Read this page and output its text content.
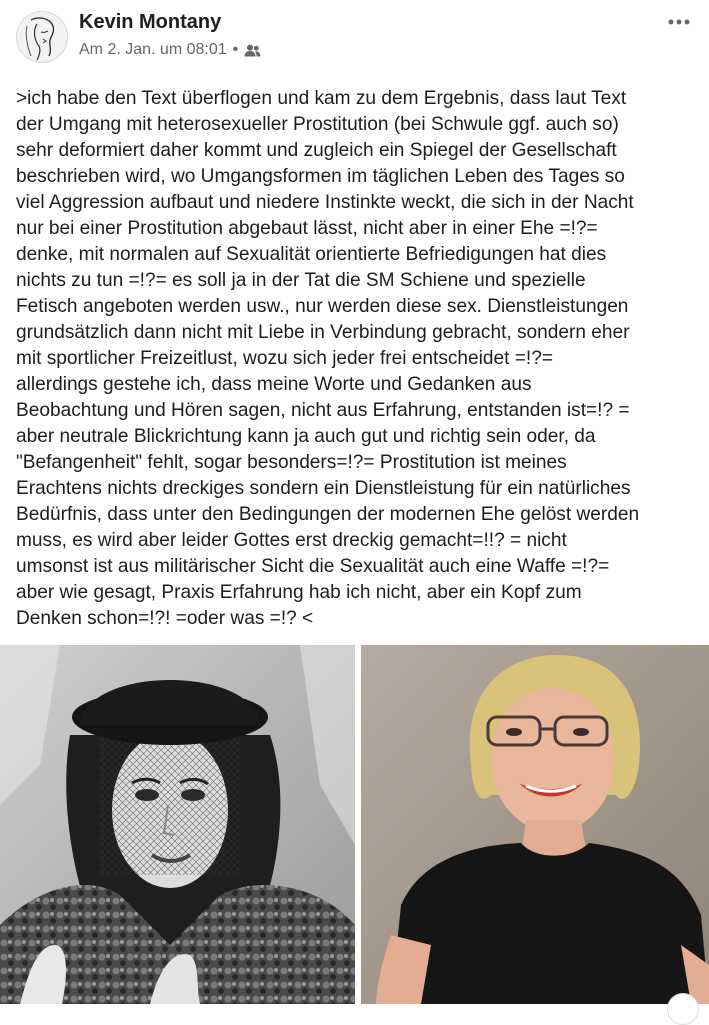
Kevin Montany
Am 2. Jan. um 08:01 •

>ich habe den Text überflogen und kam zu dem Ergebnis, dass laut Text
der Umgang mit heterosexueller Prostitution (bei Schwule ggf. auch so)
sehr deformiert daher kommt und zugleich ein Spiegel der Gesellschaft
beschrieben wird, wo Umgangsformen im täglichen Leben des Tages so
viel Aggression aufbaut und niedere Instinkte weckt, die sich in der Nacht
nur bei einer Prostitution abgebaut lässt, nicht aber in einer Ehe =!?=
denke, mit normalen auf Sexualität orientierte Befriedigungen hat dies
nichts zu tun =!?= es soll ja in der Tat die SM Schiene und spezielle
Fetisch angeboten werden usw., nur werden diese sex. Dienstleistungen
grundsätzlich dann nicht mit Liebe in Verbindung gebracht, sondern eher
mit sportlicher Freizeitlust, wozu sich jeder frei entscheidet =!?=
allerdings gestehe ich, dass meine Worte und Gedanken aus
Beobachtung und Hören sagen, nicht aus Erfahrung, entstanden ist=!? =
aber neutrale Blickrichtung kann ja auch gut und richtig sein oder, da
"Befangenheit" fehlt, sogar besonders=!?= Prostitution ist meines
Erachtens nichts dreckiges sondern ein Dienstleistung für ein natürliches
Bedürfnis, dass unter den Bedingungen der modernen Ehe gelöst werden
muss, es wird aber leider Gottes erst dreckig gemacht=!!? = nicht
umsonst ist aus militärischer Sicht die Sexualität auch eine Waffe =!?=
aber wie gesagt, Praxis Erfahrung hab ich nicht, aber ein Kopf zum
Denken schon=!?! =oder was =!? <
